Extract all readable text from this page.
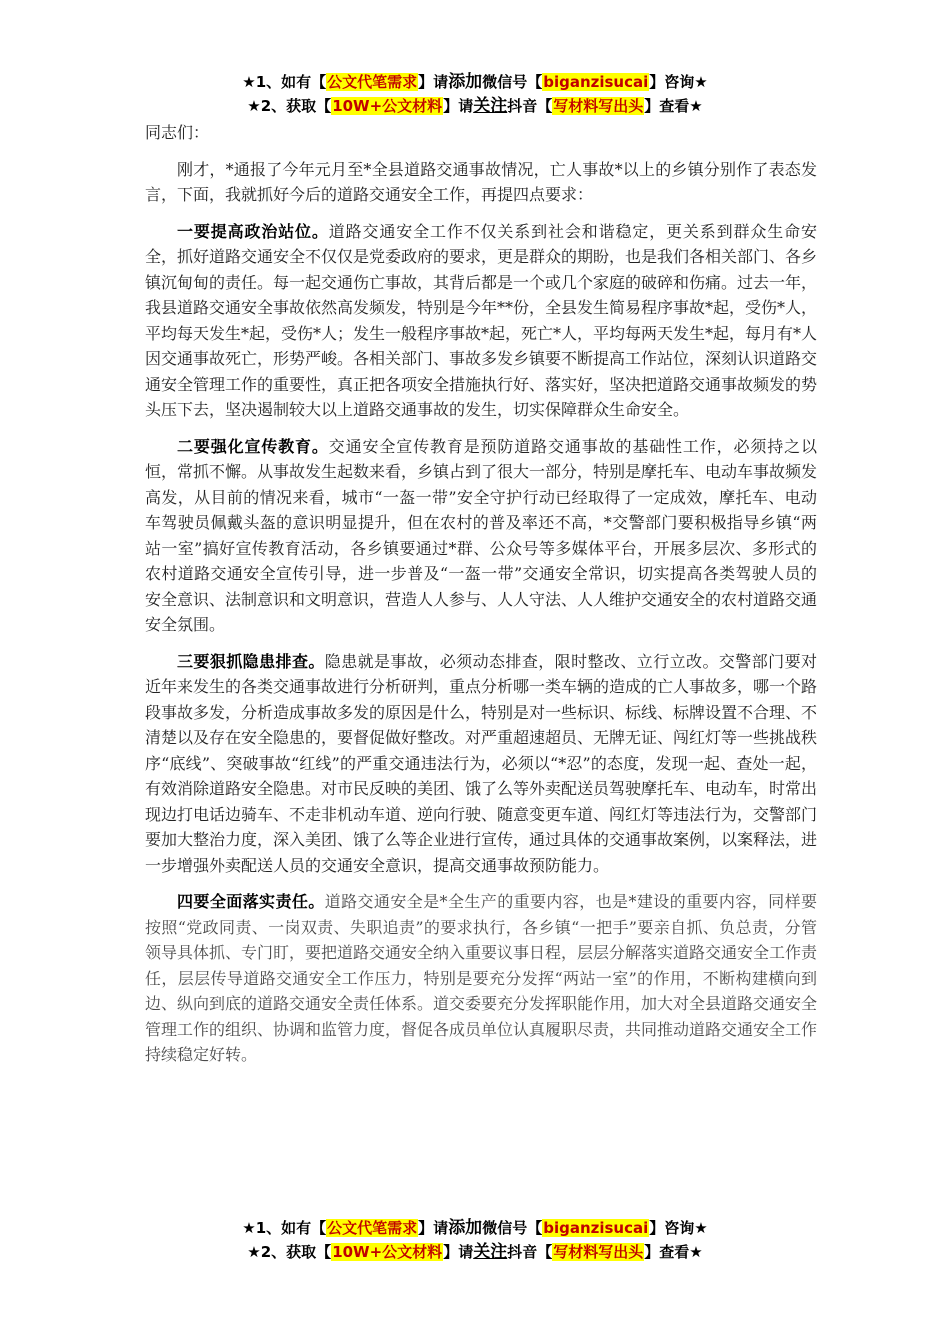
★1、如有【公文代笔需求】请添加微信号【biganzisucai】咨询★
★2、获取【10W+公文材料】请关注抖音【写材料写出头】查看★

同志们：

刚才，*通报了今年元月至*全县道路交通事故情况，亡人事故*以上的乡镇分别作了表态发言，下面，我就抓好今后的道路交通安全工作，再提四点要求：

一要提高政治站位。道路交通安全工作不仅关系到社会和谐稳定，更关系到群众生命安全，抓好道路交通安全不仅仅是党委政府的要求，更是群众的期盼，也是我们各相关部门、各乡镇沉甸甸的责任。每一起交通伤亡事故，其背后都是一个或几个家庭的破碎和伤痛。过去一年，我县道路交通安全事故依然高发频发，特别是今年**份，全县发生简易程序事故*起，受伤*人，平均每天发生*起，受伤*人；发生一般程序事故*起，死亡*人，平均每两天发生*起，每月有*人因交通事故死亡，形势严峻。各相关部门、事故多发乡镇要不断提高工作站位，深刻认识道路交通安全管理工作的重要性，真正把各项安全措施执行好、落实好，坚决把道路交通事故频发的势头压下去，坚决遏制较大以上道路交通事故的发生，切实保障群众生命安全。

二要强化宣传教育。交通安全宣传教育是预防道路交通事故的基础性工作，必须持之以恒，常抓不懈。从事故发生起数来看，乡镇占到了很大一部分，特别是摩托车、电动车事故频发高发，从目前的情况来看，城市“一盔一带”安全守护行动已经取得了一定成效，摩托车、电动车驾驶员佩戴头盔的意识明显提升，但在农村的普及率还不高，*交警部门要积极指导乡镇“两站一室”搞好宣传教育活动，各乡镇要通过*群、公众号等多媒体平台，开展多层次、多形式的农村道路交通安全宣传引导，进一步普及“一盔一带”交通安全常识，切实提高各类驾驶人员的安全意识、法制意识和文明意识，营造人人参与、人人守法、人人维护交通安全的农村道路交通安全氛围。

三要狠抓隐患排查。隐患就是事故，必须动态排查，限时整改、立行立改。交警部门要对近年来发生的各类交通事故进行分析研判，重点分析哪一类车辆的造成的亡人事故多，哪一个路段事故多发，分析造成事故多发的原因是什么，特别是对一些标识、标线、标牌设置不合理、不清楚以及存在安全隐患的，要督促做好整改。对严重超速超员、无牌无证、闯红灯等一些挑战秩序“底线”、突破事故“红线”的严重交通违法行为，必须以“*忍”的态度，发现一起、查处一起，有效消除道路安全隐患。对市民反映的美团、饿了么等外卖配送员驾驶摩托车、电动车，时常出现边打电话边骑车、不走非机动车道、逆向行驶、随意变更车道、闯红灯等违法行为，交警部门要加大整治力度，深入美团、饿了么等企业进行宣传，通过具体的交通事故案例，以案释法，进一步增强外卖配送人员的交通安全意识，提高交通事故预防能力。

四要全面落实责任。道路交通安全是*全生产的重要内容，也是*建设的重要内容，同样要按照“党政同责、一岗双责、失职追责”的要求执行，各乡镇“一把手”要亲自抓、负总责，分管领导具体抓、专门盯，要把道路交通安全纳入重要议事日程，层层分解落实道路交通安全工作责任，层层传导道路交通安全工作压力，特别是要充分发挥“两站一室”的作用，不断构建横向到边、纵向到底的道路交通安全责任体系。道交委要充分发挥职能作用，加大对全县道路交通安全管理工作的组织、协调和监管力度，督促各成员单位认真履职尽责，共同推动道路交通安全工作持续稳定好转。

★1、如有【公文代笔需求】请添加微信号【biganzisucai】咨询★
★2、获取【10W+公文材料】请关注抖音【写材料写出头】查看★
